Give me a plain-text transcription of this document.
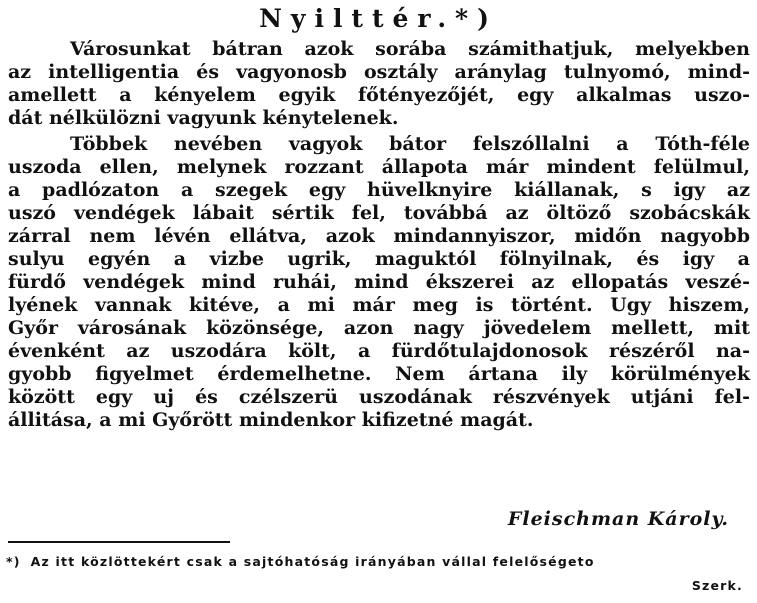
Nyilttér.*)
Városunkat bátran azok sorába számithatjuk, melyekben
az intelligentia és vagyonosb osztály aránylag tulnyomó, mind-
amellett a kényelem egyik főtényezőjét, egy alkalmas uszo-
dát nélkülözni vagyunk kénytelenek.
Többek nevében vagyok bátor felszóllalni a Tóth-féle
uszoda ellen, melynek rozzant állapota már mindent felülmul,
a padlózaton a szegek egy hüvelknyire kiállanak, s igy az
uszó vendégek lábait sértik fel, továbbá az öltöző szobácskák
zárral nem lévén ellátva, azok mindannyiszor, midőn nagyobb
sulyu egyén a vizbe ugrik, maguktól fölnyilnak, és igy a
fürdő vendégek mind ruhái, mind ékszerei az ellopatás veszé-
lyének vannak kitéve, a mi már meg is történt. Ugy hiszem,
Győr városának közönsége, azon nagy jövedelem mellett, mit
évenként az uszodára költ, a fürdőtulajdonosok részéről na-
gyobb figyelmet érdemelhetne. Nem ártana ily körülmények
között egy uj és czélszerü uszodának részvények utjáni fel-
állitása, a mi Győrött mindenkor kifizetné magát.
Fleischman Károly.
*) Az itt közlöttekért csak a sajtóhatóság irányában vállal felelőségeto
Szerk.
